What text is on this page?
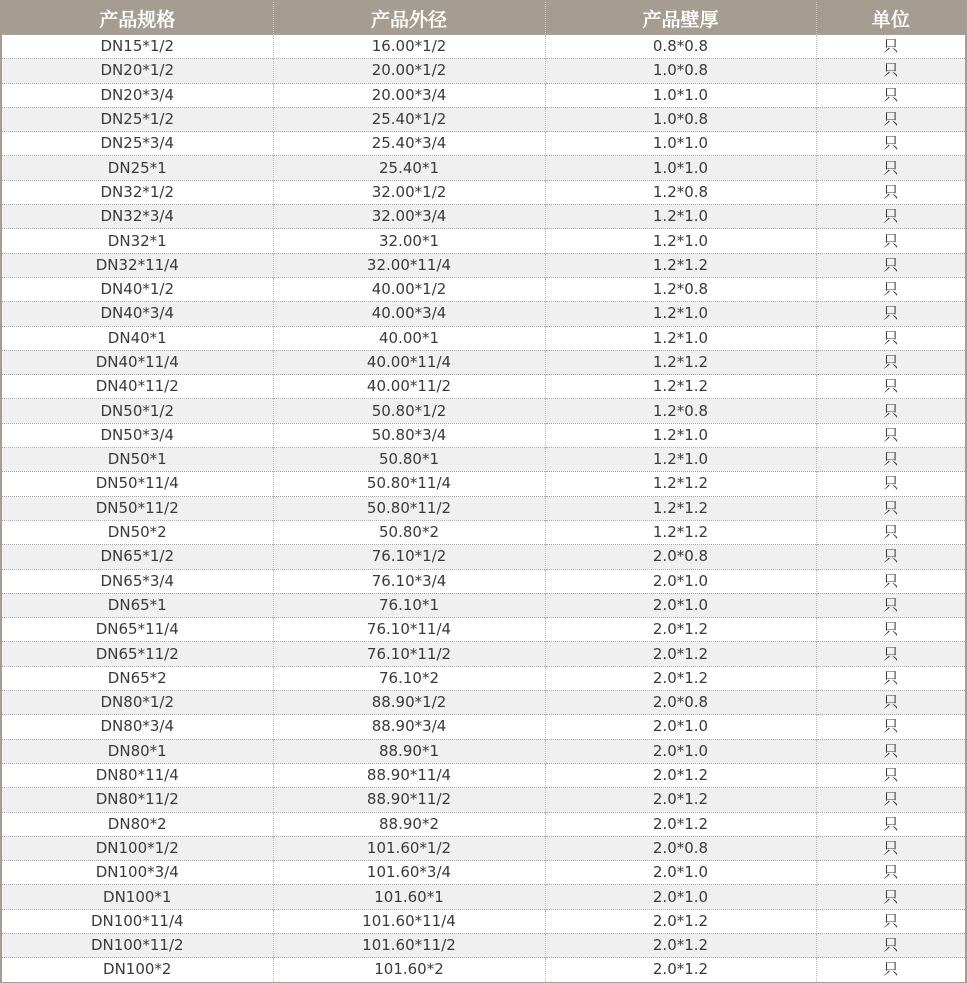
产品规格	产品外径	产品壁厚	单位
DN15*1/2	16.00*1/2	0.8*0.8	只
DN20*1/2	20.00*1/2	1.0*0.8	只
DN20*3/4	20.00*3/4	1.0*1.0	只
DN25*1/2	25.40*1/2	1.0*0.8	只
DN25*3/4	25.40*3/4	1.0*1.0	只
DN25*1	25.40*1	1.0*1.0	只
DN32*1/2	32.00*1/2	1.2*0.8	只
DN32*3/4	32.00*3/4	1.2*1.0	只
DN32*1	32.00*1	1.2*1.0	只
DN32*11/4	32.00*11/4	1.2*1.2	只
DN40*1/2	40.00*1/2	1.2*0.8	只
DN40*3/4	40.00*3/4	1.2*1.0	只
DN40*1	40.00*1	1.2*1.0	只
DN40*11/4	40.00*11/4	1.2*1.2	只
DN40*11/2	40.00*11/2	1.2*1.2	只
DN50*1/2	50.80*1/2	1.2*0.8	只
DN50*3/4	50.80*3/4	1.2*1.0	只
DN50*1	50.80*1	1.2*1.0	只
DN50*11/4	50.80*11/4	1.2*1.2	只
DN50*11/2	50.80*11/2	1.2*1.2	只
DN50*2	50.80*2	1.2*1.2	只
DN65*1/2	76.10*1/2	2.0*0.8	只
DN65*3/4	76.10*3/4	2.0*1.0	只
DN65*1	76.10*1	2.0*1.0	只
DN65*11/4	76.10*11/4	2.0*1.2	只
DN65*11/2	76.10*11/2	2.0*1.2	只
DN65*2	76.10*2	2.0*1.2	只
DN80*1/2	88.90*1/2	2.0*0.8	只
DN80*3/4	88.90*3/4	2.0*1.0	只
DN80*1	88.90*1	2.0*1.0	只
DN80*11/4	88.90*11/4	2.0*1.2	只
DN80*11/2	88.90*11/2	2.0*1.2	只
DN80*2	88.90*2	2.0*1.2	只
DN100*1/2	101.60*1/2	2.0*0.8	只
DN100*3/4	101.60*3/4	2.0*1.0	只
DN100*1	101.60*1	2.0*1.0	只
DN100*11/4	101.60*11/4	2.0*1.2	只
DN100*11/2	101.60*11/2	2.0*1.2	只
DN100*2	101.60*2	2.0*1.2	只
